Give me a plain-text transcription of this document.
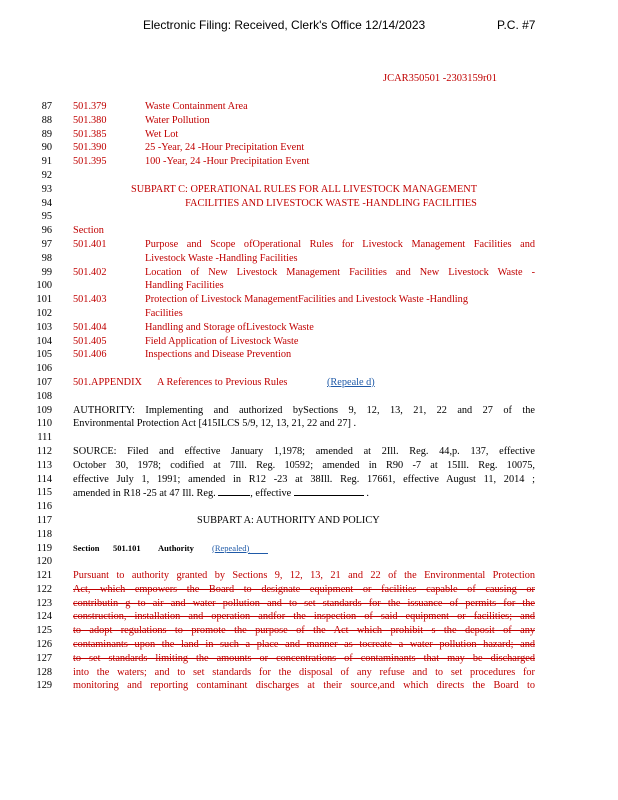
Electronic Filing: Received, Clerk's Office 12/14/2023	P.C. #7
JCAR350501 -2303159r01
87 501.379	Waste Containment Area
88 501.380	Water Pollution
89 501.385	Wet Lot
90 501.390	25 -Year, 24 -Hour Precipitation Event
91 501.395	100 -Year, 24 -Hour Precipitation Event
92
93	SUBPART C: OPERATIONAL RULES FOR ALL LIVESTOCK MANAGEMENT
94	FACILITIES AND LIVESTOCK WASTE -HANDLING FACILITIES
95
96 Section
97 501.401	Purpose and Scope ofOperational Rules for Livestock Management Facilities and
98	Livestock Waste -Handling Facilities
99 501.402	Location of New Livestock Management Facilities and New Livestock Waste -
100	Handling Facilities
101 501.403	Protection of Livestock ManagementFacilities and Livestock Waste -Handling
102	Facilities
103 501.404	Handling and Storage ofLivestock Waste
104 501.405	Field Application of Livestock Waste
105 501.406	Inspections and Disease Prevention
106
107 501.APPENDIX A References to Previous Rules	(Repeale d)
108
109 AUTHORITY: Implementing and authorized bySections 9, 12, 13, 21, 22 and 27 of the
110 Environmental Protection Act [415ILCS 5/9, 12, 13, 21, 22 and 27] .
111
112 SOURCE: Filed and effective January 1,1978; amended at 2Ill. Reg. 44,p. 137, effective
113 October 30, 1978; codified at 7Ill. Reg. 10592; amended in R90 -7 at 15Ill. Reg. 10075,
114 effective July 1, 1991; amended in R12 -23 at 38Ill. Reg. 17661, effective August 11, 2014 ;
115 amended in R18 -25 at 47 Ill. Reg.	, effective	.
116
117	SUBPART A: AUTHORITY AND POLICY
118
119 Section 501.101 Authority (Repealed)
120
121 Pursuant to authority granted by Sections 9, 12, 13, 21 and 22 of the Environmental Protection
122 Act, which empowers the Board to designate equipment or facilities capable of causing or
123 contributin g to air and water pollution and to set standards for the issuance of permits for the
124 construction, installation and operation andfor the inspection of said equipment or facilities; and
125 to adopt regulations to promote the purpose of the Act which prohibit s the deposit of any
126 contaminants upon the land in such a place and manner as tocreate a water pollution hazard; and
127 to set standards limiting the amounts or concentrations of contaminants that may be discharged
128 into the waters; and to set standards for the disposal of any refuse and to set procedures for
129 monitoring and reporting contaminant discharges at their source,and which directs the Board to
